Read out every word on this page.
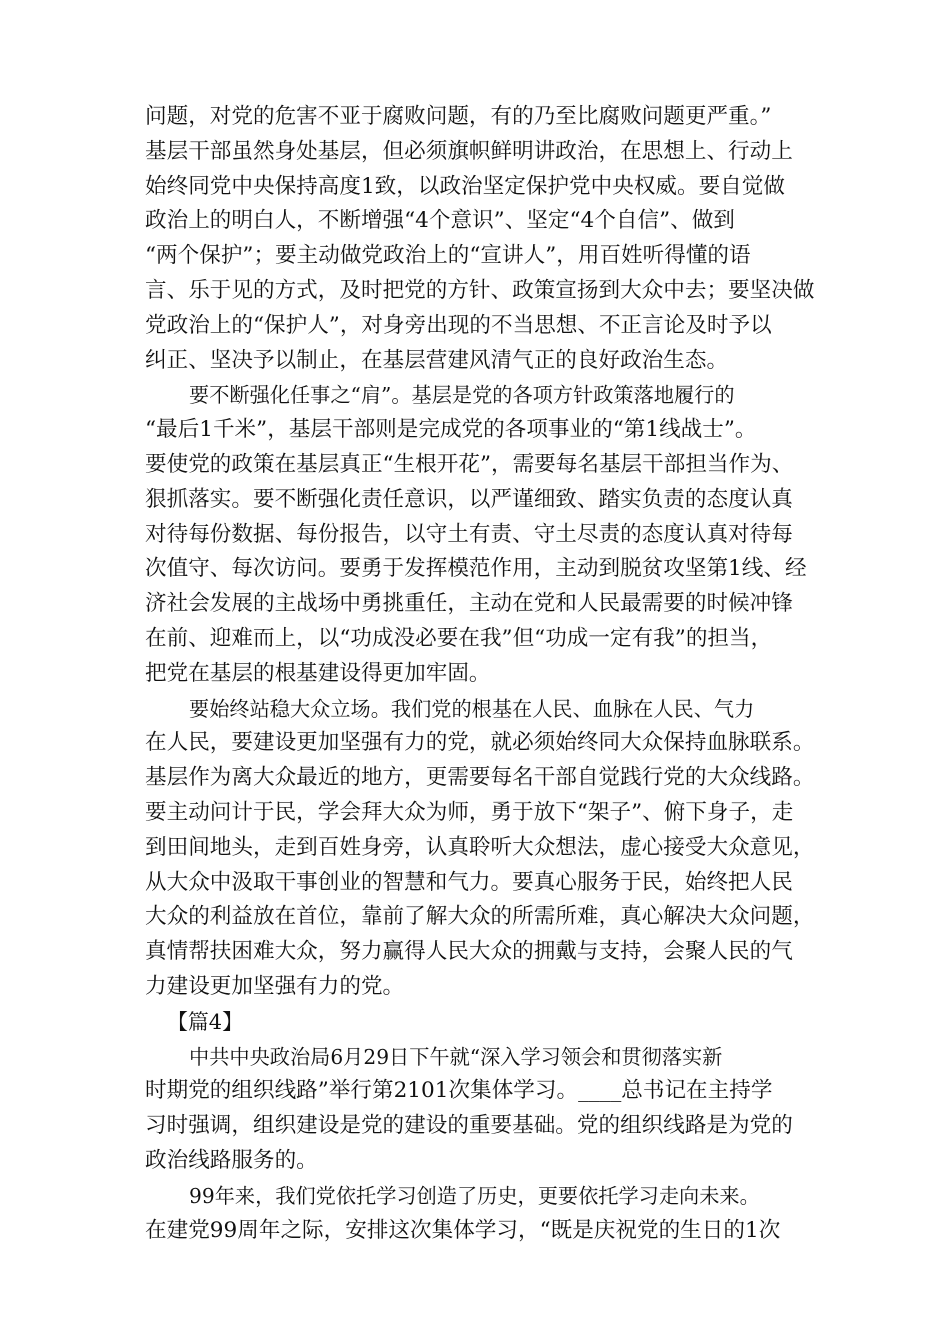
问题，对党的危害不亚于腐败问题，有的乃至比腐败问题更严重。”
基层干部虽然身处基层，但必须旗帜鲜明讲政治，在思想上、行动上
始终同党中央保持高度1致，以政治坚定保护党中央权威。要自觉做
政治上的明白人，不断增强“4个意识”、坚定“4个自信”、做到
“两个保护”；要主动做党政治上的“宣讲人”，用百姓听得懂的语
言、乐于见的方式，及时把党的方针、政策宣扬到大众中去；要坚决做
党政治上的“保护人”，对身旁出现的不当思想、不正言论及时予以
纠正、坚决予以制止，在基层营建风清气正的良好政治生态。
要不断强化任事之“肩”。基层是党的各项方针政策落地履行的
“最后1千米”，基层干部则是完成党的各项事业的“第1线战士”。
要使党的政策在基层真正“生根开花”，需要每名基层干部担当作为、
狠抓落实。要不断强化责任意识，以严谨细致、踏实负责的态度认真
对待每份数据、每份报告，以守土有责、守土尽责的态度认真对待每
次值守、每次访问。要勇于发挥模范作用，主动到脱贫攻坚第1线、经
济社会发展的主战场中勇挑重任，主动在党和人民最需要的时候冲锋
在前、迎难而上，以“功成没必要在我”但“功成一定有我”的担当，
把党在基层的根基建设得更加牢固。
要始终站稳大众立场。我们党的根基在人民、血脉在人民、气力
在人民，要建设更加坚强有力的党，就必须始终同大众保持血脉联系。
基层作为离大众最近的地方，更需要每名干部自觉践行党的大众线路。
要主动问计于民，学会拜大众为师，勇于放下“架子”、俯下身子，走
到田间地头，走到百姓身旁，认真聆听大众想法，虚心接受大众意见，
从大众中汲取干事创业的智慧和气力。要真心服务于民，始终把人民
大众的利益放在首位，靠前了解大众的所需所难，真心解决大众问题，
真情帮扶困难大众，努力赢得人民大众的拥戴与支持，会聚人民的气
力建设更加坚强有力的党。
【篇4】
中共中央政治局6月29日下午就“深入学习领会和贯彻落实新
时期党的组织线路”举行第2101次集体学习。____总书记在主持学
习时强调，组织建设是党的建设的重要基础。党的组织线路是为党的
政治线路服务的。
99年来，我们党依托学习创造了历史，更要依托学习走向未来。
在建党99周年之际，安排这次集体学习，“既是庆祝党的生日的1次
